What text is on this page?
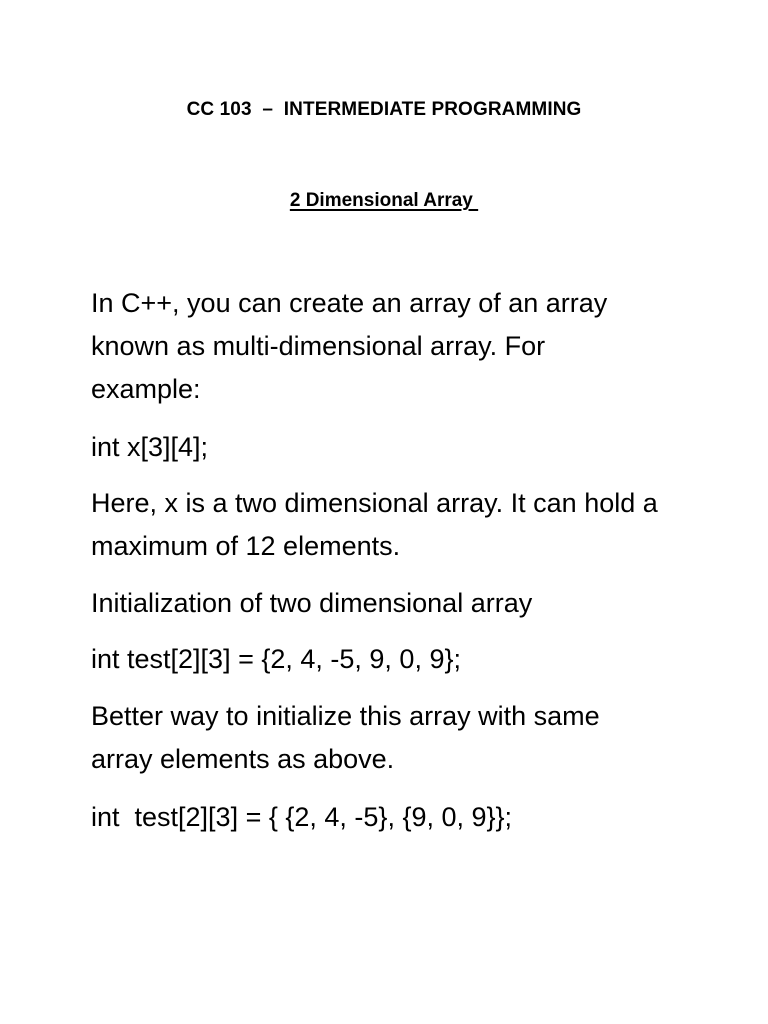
CC 103  –  INTERMEDIATE PROGRAMMING
2 Dimensional Array

In C++, you can create an array of an array
known as multi-dimensional array. For
example:

int x[3][4];

Here, x is a two dimensional array. It can hold a
maximum of 12 elements.

Initialization of two dimensional array

int test[2][3] = {2, 4, -5, 9, 0, 9};

Better way to initialize this array with same
array elements as above.

int  test[2][3] = { {2, 4, -5}, {9, 0, 9}};
